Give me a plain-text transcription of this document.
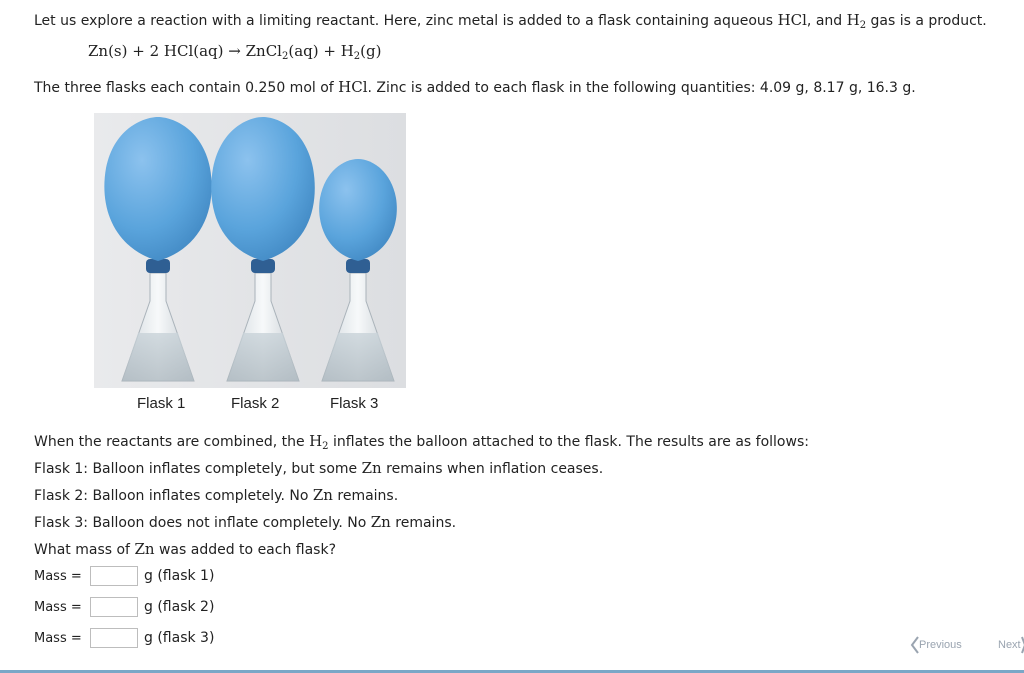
Let us explore a reaction with a limiting reactant. Here, zinc metal is added to a flask containing aqueous HCl, and $H_2$ gas is a product.
Zn(s) + 2 HCl(aq) → ZnCl$_2$(aq) + $H_2(g)$
The three flasks each contain 0.250 mol of HCl. Zinc is added to each flask in the following quantities: 4.09 g, 8.17 g, 16.3 g.
Flask 1	Flask 2	Flask 3
When the reactants are combined, the $H_2$ inflates the balloon attached to the flask. The results are as follows:
Flask 1: Balloon inflates completely, but some Zn remains when inflation ceases.
Flask 2: Balloon inflates completely. No Zn remains.
Flask 3: Balloon does not inflate completely. No Zn remains.
What mass of Zn was added to each flask?
Mass =	g (flask 1)
Mass =	g (flask 2)
Mass =	g (flask 3)	Previous	Next
